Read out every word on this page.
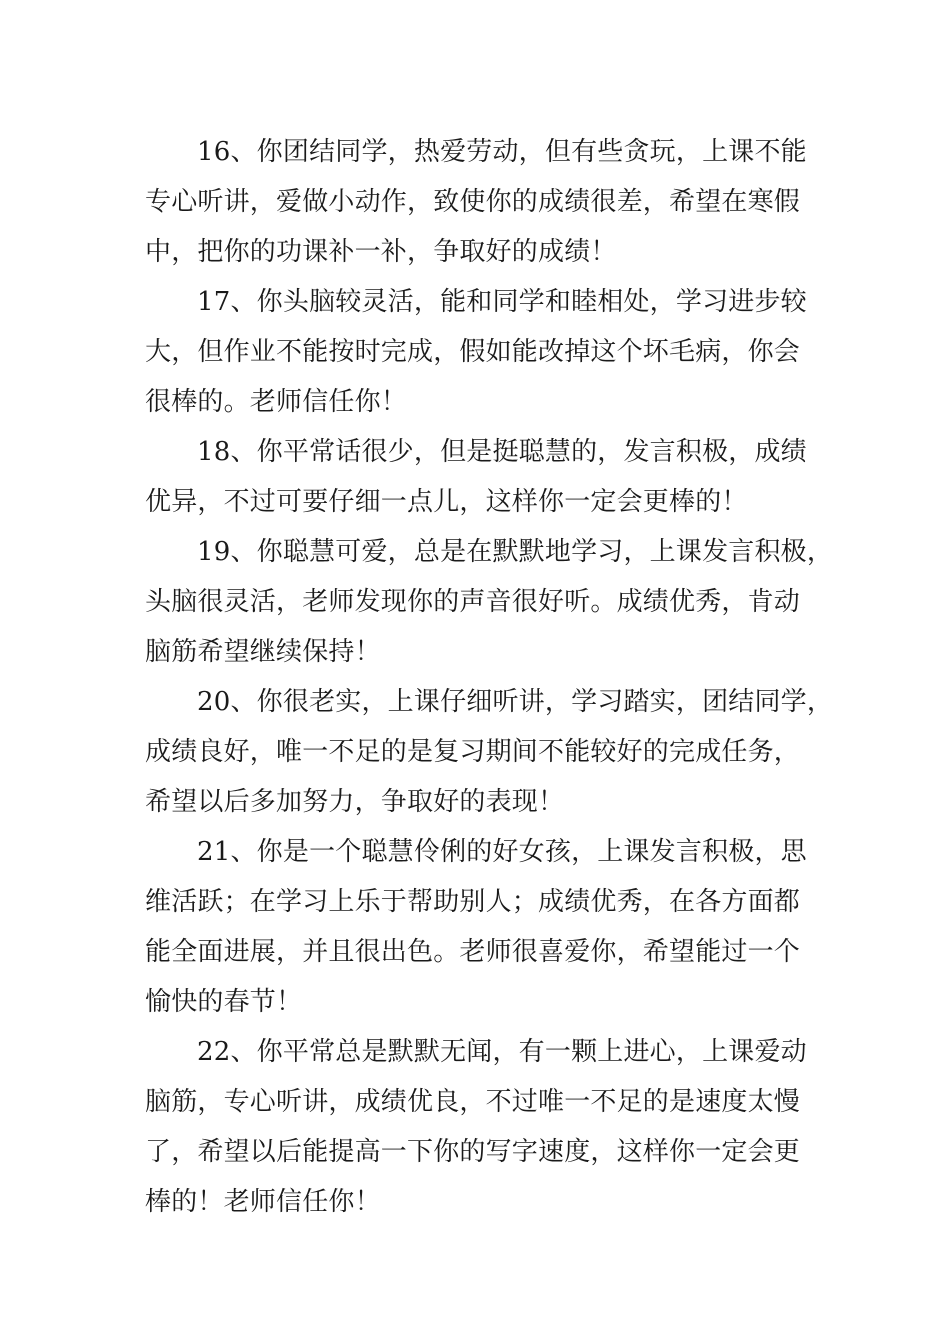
16、你团结同学，热爱劳动，但有些贪玩，上课不能
专心听讲，爱做小动作，致使你的成绩很差，希望在寒假
中，把你的功课补一补，争取好的成绩！
17、你头脑较灵活，能和同学和睦相处，学习进步较
大，但作业不能按时完成，假如能改掉这个坏毛病，你会
很棒的。老师信任你！
18、你平常话很少，但是挺聪慧的，发言积极，成绩
优异，不过可要仔细一点儿，这样你一定会更棒的！
19、你聪慧可爱，总是在默默地学习，上课发言积极，
头脑很灵活，老师发现你的声音很好听。成绩优秀，肯动
脑筋希望继续保持！
20、你很老实，上课仔细听讲，学习踏实，团结同学，
成绩良好，唯一不足的是复习期间不能较好的完成任务，
希望以后多加努力，争取好的表现！
21、你是一个聪慧伶俐的好女孩，上课发言积极，思
维活跃；在学习上乐于帮助别人；成绩优秀，在各方面都
能全面进展，并且很出色。老师很喜爱你，希望能过一个
愉快的春节！
22、你平常总是默默无闻，有一颗上进心，上课爱动
脑筋，专心听讲，成绩优良，不过唯一不足的是速度太慢
了，希望以后能提高一下你的写字速度，这样你一定会更
棒的！老师信任你！
